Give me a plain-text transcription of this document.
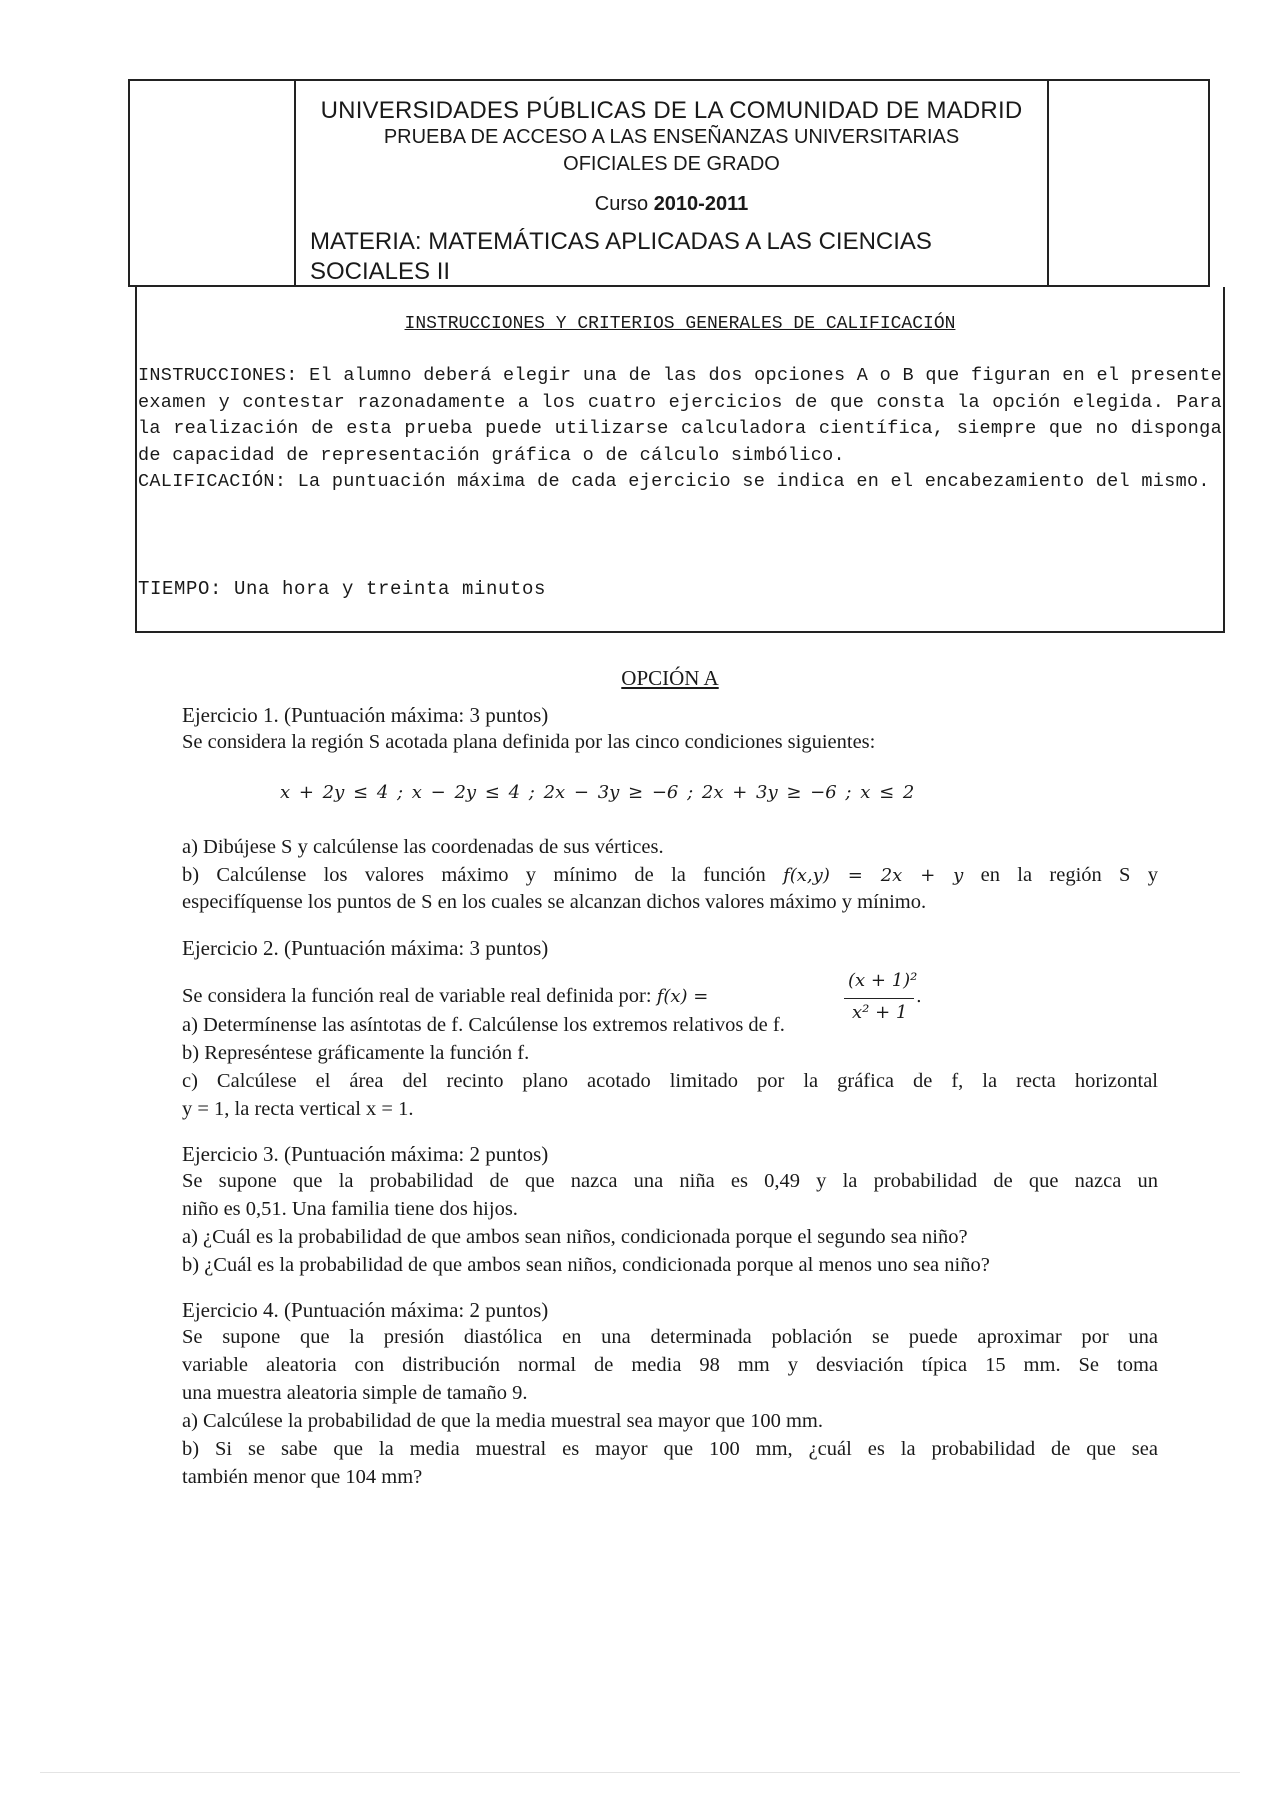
UNIVERSIDADES PÚBLICAS DE LA COMUNIDAD DE MADRID
PRUEBA DE ACCESO A LAS ENSEÑANZAS UNIVERSITARIAS
OFICIALES DE GRADO
Curso 2010-2011
MATERIA: MATEMÁTICAS APLICADAS A LAS CIENCIAS SOCIALES II
INSTRUCCIONES Y CRITERIOS GENERALES DE CALIFICACIÓN
INSTRUCCIONES: El alumno deberá elegir una de las dos opciones A o B que figuran en el presente examen y contestar razonadamente a los cuatro ejercicios de que consta la opción elegida. Para la realización de esta prueba puede utilizarse calculadora científica, siempre que no disponga de capacidad de representación gráfica o de cálculo simbólico.
CALIFICACIÓN: La puntuación máxima de cada ejercicio se indica en el encabezamiento del mismo.
TIEMPO: Una hora y treinta minutos
OPCIÓN A
Ejercicio 1. (Puntuación máxima: 3 puntos)
Se considera la región S acotada plana definida por las cinco condiciones siguientes:
x + 2y ≤ 4 ; x − 2y ≤ 4 ; 2x − 3y ≥ −6 ; 2x + 3y ≥ −6 ; x ≤ 2
a) Dibújese S y calcúlense las coordenadas de sus vértices.
b) Calcúlense los valores máximo y mínimo de la función f(x,y) = 2x + y en la región S y
especifíquense los puntos de S en los cuales se alcanzan dichos valores máximo y mínimo.
Ejercicio 2. (Puntuación máxima: 3 puntos)
Se considera la función real de variable real definida por: f(x) =
(x + 1)²
x² + 1
.
a) Determínense las asíntotas de f. Calcúlense los extremos relativos de f.
b) Represéntese gráficamente la función f.
c) Calcúlese el área del recinto plano acotado limitado por la gráfica de f, la recta horizontal
y = 1, la recta vertical x = 1.
Ejercicio 3. (Puntuación máxima: 2 puntos)
Se supone que la probabilidad de que nazca una niña es 0,49 y la probabilidad de que nazca un
niño es 0,51. Una familia tiene dos hijos.
a) ¿Cuál es la probabilidad de que ambos sean niños, condicionada porque el segundo sea niño?
b) ¿Cuál es la probabilidad de que ambos sean niños, condicionada porque al menos uno sea niño?
Ejercicio 4. (Puntuación máxima: 2 puntos)
Se supone que la presión diastólica en una determinada población se puede aproximar por una
variable aleatoria con distribución normal de media 98 mm y desviación típica 15 mm. Se toma
una muestra aleatoria simple de tamaño 9.
a) Calcúlese la probabilidad de que la media muestral sea mayor que 100 mm.
b) Si se sabe que la media muestral es mayor que 100 mm, ¿cuál es la probabilidad de que sea
también menor que 104 mm?
